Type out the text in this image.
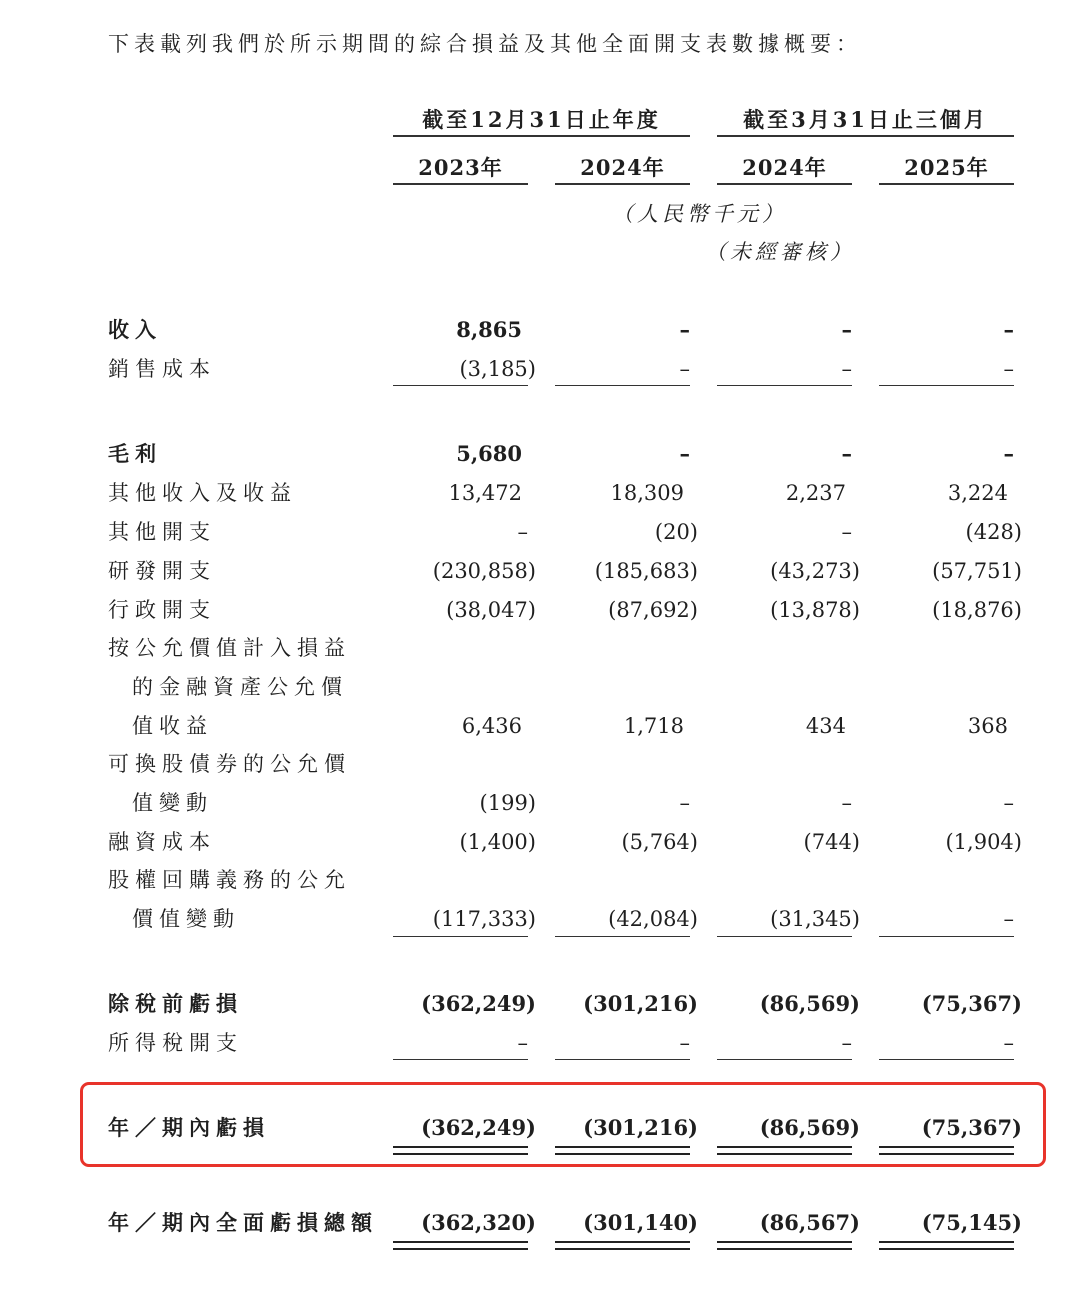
下表載列我們於所示期間的綜合損益及其他全面開支表數據概要：
截至12月31日止年度	截至3月31日止三個月
2023年	2024年	2024年	2025年
（人民幣千元）
（未經審核）
收入	8,865	–	–	–
銷售成本	(3,185)	–	–	–
毛利	5,680	–	–	–
其他收入及收益	13,472	18,309	2,237	3,224
其他開支	–	(20)	–	(428)
研發開支	(230,858)	(185,683)	(43,273)	(57,751)
行政開支	(38,047)	(87,692)	(13,878)	(18,876)
按公允價值計入損益
的金融資產公允價
值收益	6,436	1,718	434	368
可換股債券的公允價
值變動	(199)	–	–	–
融資成本	(1,400)	(5,764)	(744)	(1,904)
股權回購義務的公允
價值變動	(117,333)	(42,084)	(31,345)	–
除稅前虧損	(362,249)	(301,216)	(86,569)	(75,367)
所得稅開支	–	–	–	–
年／期內虧損	(362,249)	(301,216)	(86,569)	(75,367)
年／期內全面虧損總額	(362,320)	(301,140)	(86,567)	(75,145)
